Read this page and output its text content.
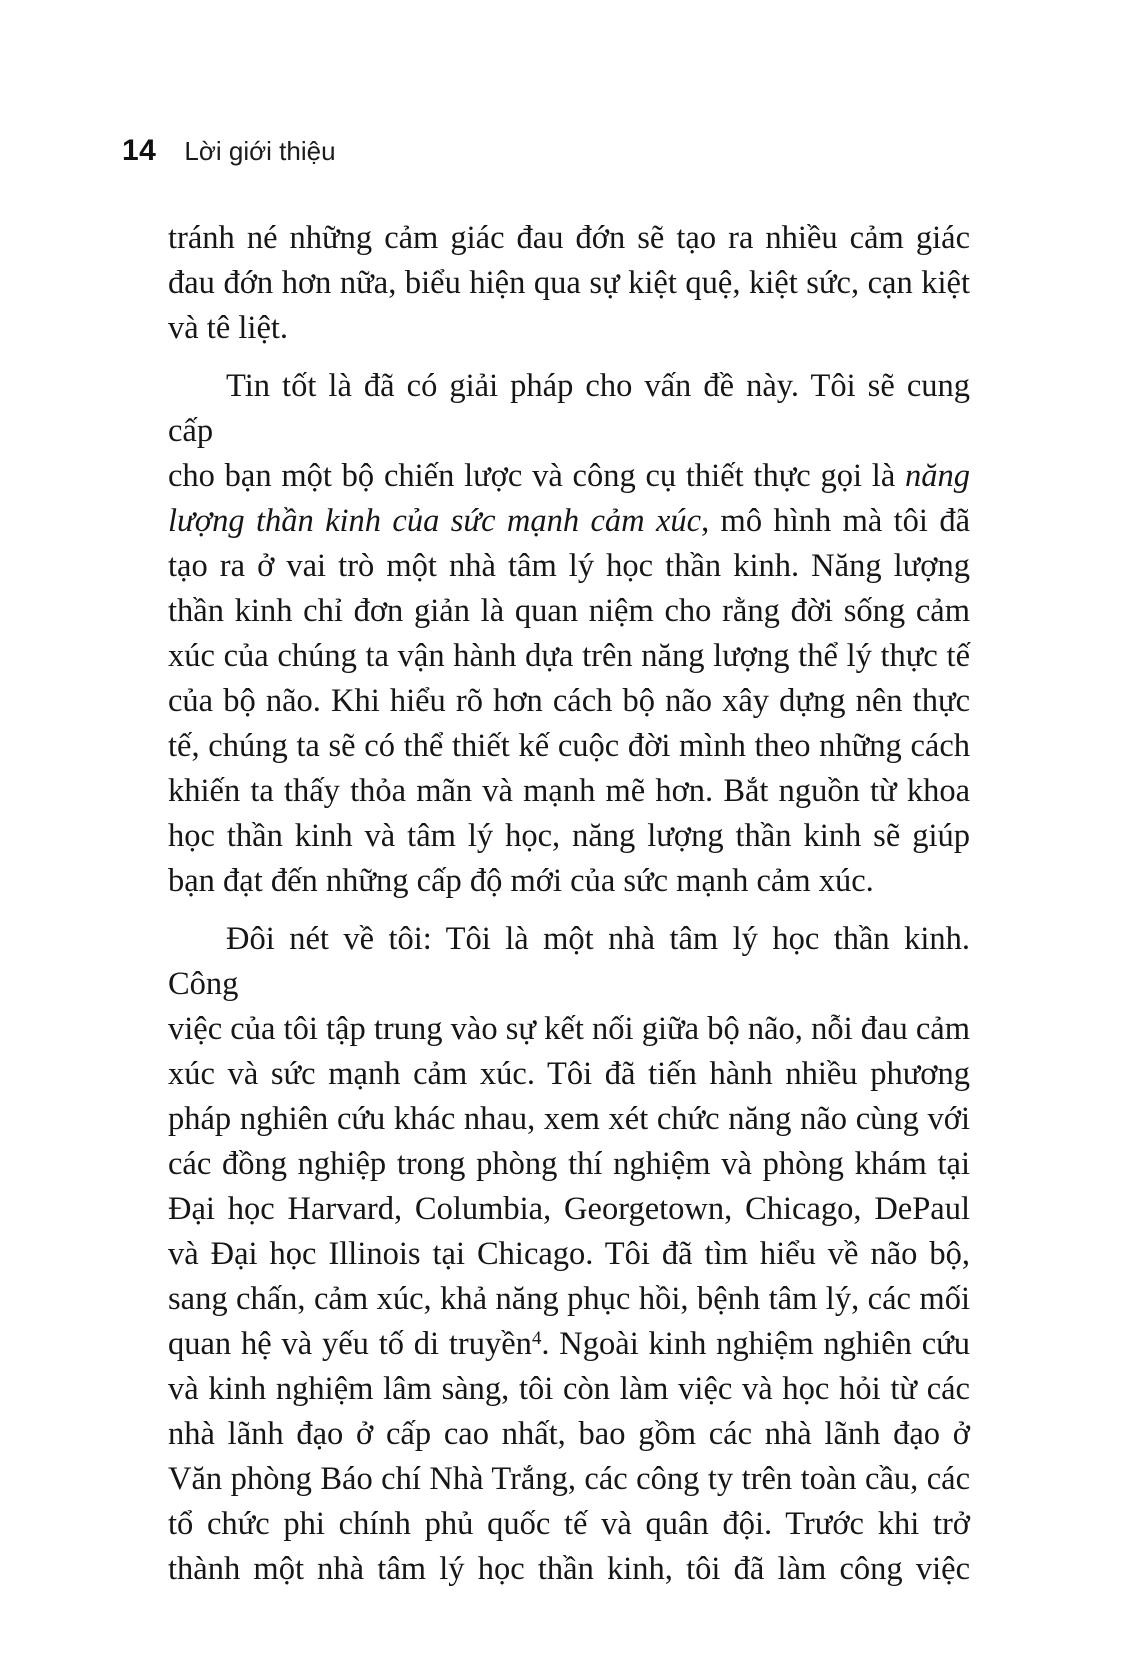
14 Lời giới thiệu
tránh né những cảm giác đau đớn sẽ tạo ra nhiều cảm giác
đau đớn hơn nữa, biểu hiện qua sự kiệt quệ, kiệt sức, cạn kiệt
và tê liệt.
Tin tốt là đã có giải pháp cho vấn đề này. Tôi sẽ cung cấp
cho bạn một bộ chiến lược và công cụ thiết thực gọi là năng
lượng thần kinh của sức mạnh cảm xúc, mô hình mà tôi đã
tạo ra ở vai trò một nhà tâm lý học thần kinh. Năng lượng
thần kinh chỉ đơn giản là quan niệm cho rằng đời sống cảm
xúc của chúng ta vận hành dựa trên năng lượng thể lý thực tế
của bộ não. Khi hiểu rõ hơn cách bộ não xây dựng nên thực
tế, chúng ta sẽ có thể thiết kế cuộc đời mình theo những cách
khiến ta thấy thỏa mãn và mạnh mẽ hơn. Bắt nguồn từ khoa
học thần kinh và tâm lý học, năng lượng thần kinh sẽ giúp
bạn đạt đến những cấp độ mới của sức mạnh cảm xúc.
Đôi nét về tôi: Tôi là một nhà tâm lý học thần kinh. Công
việc của tôi tập trung vào sự kết nối giữa bộ não, nỗi đau cảm
xúc và sức mạnh cảm xúc. Tôi đã tiến hành nhiều phương
pháp nghiên cứu khác nhau, xem xét chức năng não cùng với
các đồng nghiệp trong phòng thí nghiệm và phòng khám tại
Đại học Harvard, Columbia, Georgetown, Chicago, DePaul
và Đại học Illinois tại Chicago. Tôi đã tìm hiểu về não bộ,
sang chấn, cảm xúc, khả năng phục hồi, bệnh tâm lý, các mối
quan hệ và yếu tố di truyền$^4$. Ngoài kinh nghiệm nghiên cứu
và kinh nghiệm lâm sàng, tôi còn làm việc và học hỏi từ các
nhà lãnh đạo ở cấp cao nhất, bao gồm các nhà lãnh đạo ở
Văn phòng Báo chí Nhà Trắng, các công ty trên toàn cầu, các
tổ chức phi chính phủ quốc tế và quân đội. Trước khi trở
thành một nhà tâm lý học thần kinh, tôi đã làm công việc
